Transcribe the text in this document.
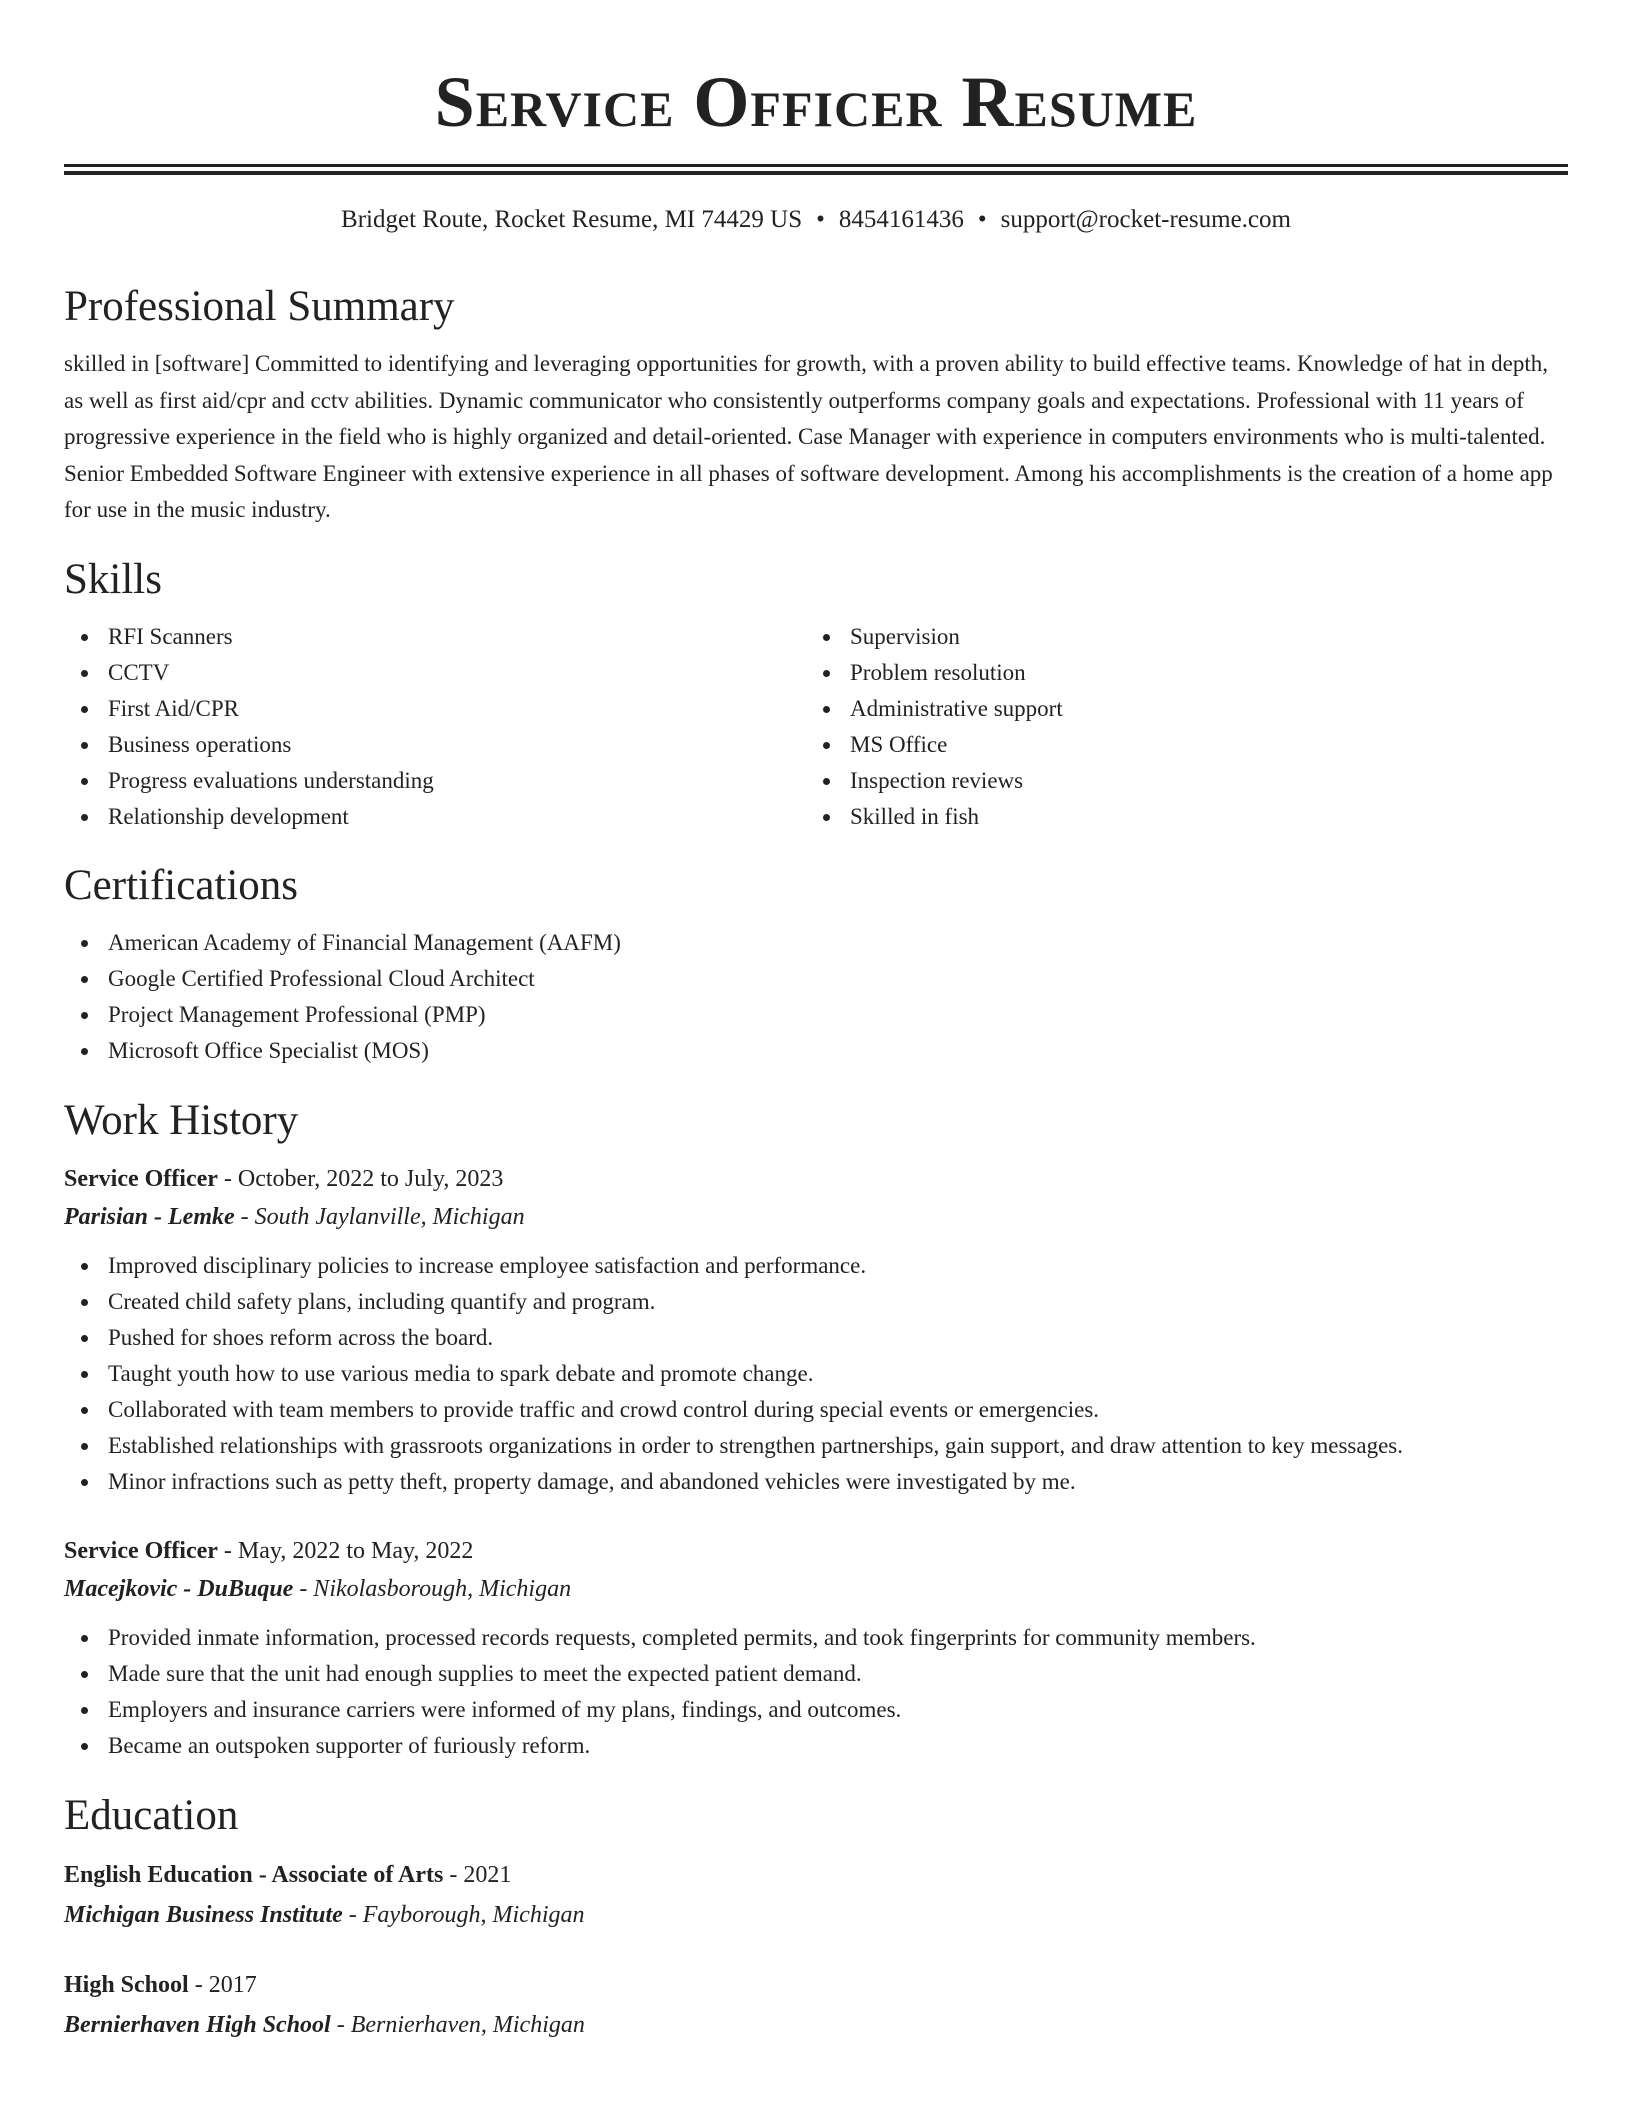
Service Officer Resume
Bridget Route, Rocket Resume, MI 74429 US • 8454161436 • support@rocket-resume.com
Professional Summary

skilled in [software] Committed to identifying and leveraging opportunities for growth, with a proven ability to build effective teams. Knowledge of hat in depth, as well as first aid/cpr and cctv abilities. Dynamic communicator who consistently outperforms company goals and expectations. Professional with 11 years of progressive experience in the field who is highly organized and detail-oriented. Case Manager with experience in computers environments who is multi-talented. Senior Embedded Software Engineer with extensive experience in all phases of software development. Among his accomplishments is the creation of a home app for use in the music industry.

Skills
RFI Scanners
CCTV
First Aid/CPR
Business operations
Progress evaluations understanding
Relationship development
Supervision
Problem resolution
Administrative support
MS Office
Inspection reviews
Skilled in fish
Certifications
American Academy of Financial Management (AAFM)
Google Certified Professional Cloud Architect
Project Management Professional (PMP)
Microsoft Office Specialist (MOS)
Work History
Service Officer - October, 2022 to July, 2023
Parisian - Lemke - South Jaylanville, Michigan
Improved disciplinary policies to increase employee satisfaction and performance.
Created child safety plans, including quantify and program.
Pushed for shoes reform across the board.
Taught youth how to use various media to spark debate and promote change.
Collaborated with team members to provide traffic and crowd control during special events or emergencies.
Established relationships with grassroots organizations in order to strengthen partnerships, gain support, and draw attention to key messages.
Minor infractions such as petty theft, property damage, and abandoned vehicles were investigated by me.
Service Officer - May, 2022 to May, 2022
Macejkovic - DuBuque - Nikolasborough, Michigan
Provided inmate information, processed records requests, completed permits, and took fingerprints for community members.
Made sure that the unit had enough supplies to meet the expected patient demand.
Employers and insurance carriers were informed of my plans, findings, and outcomes.
Became an outspoken supporter of furiously reform.
Education
English Education - Associate of Arts - 2021
Michigan Business Institute - Fayborough, Michigan
High School - 2017
Bernierhaven High School - Bernierhaven, Michigan
